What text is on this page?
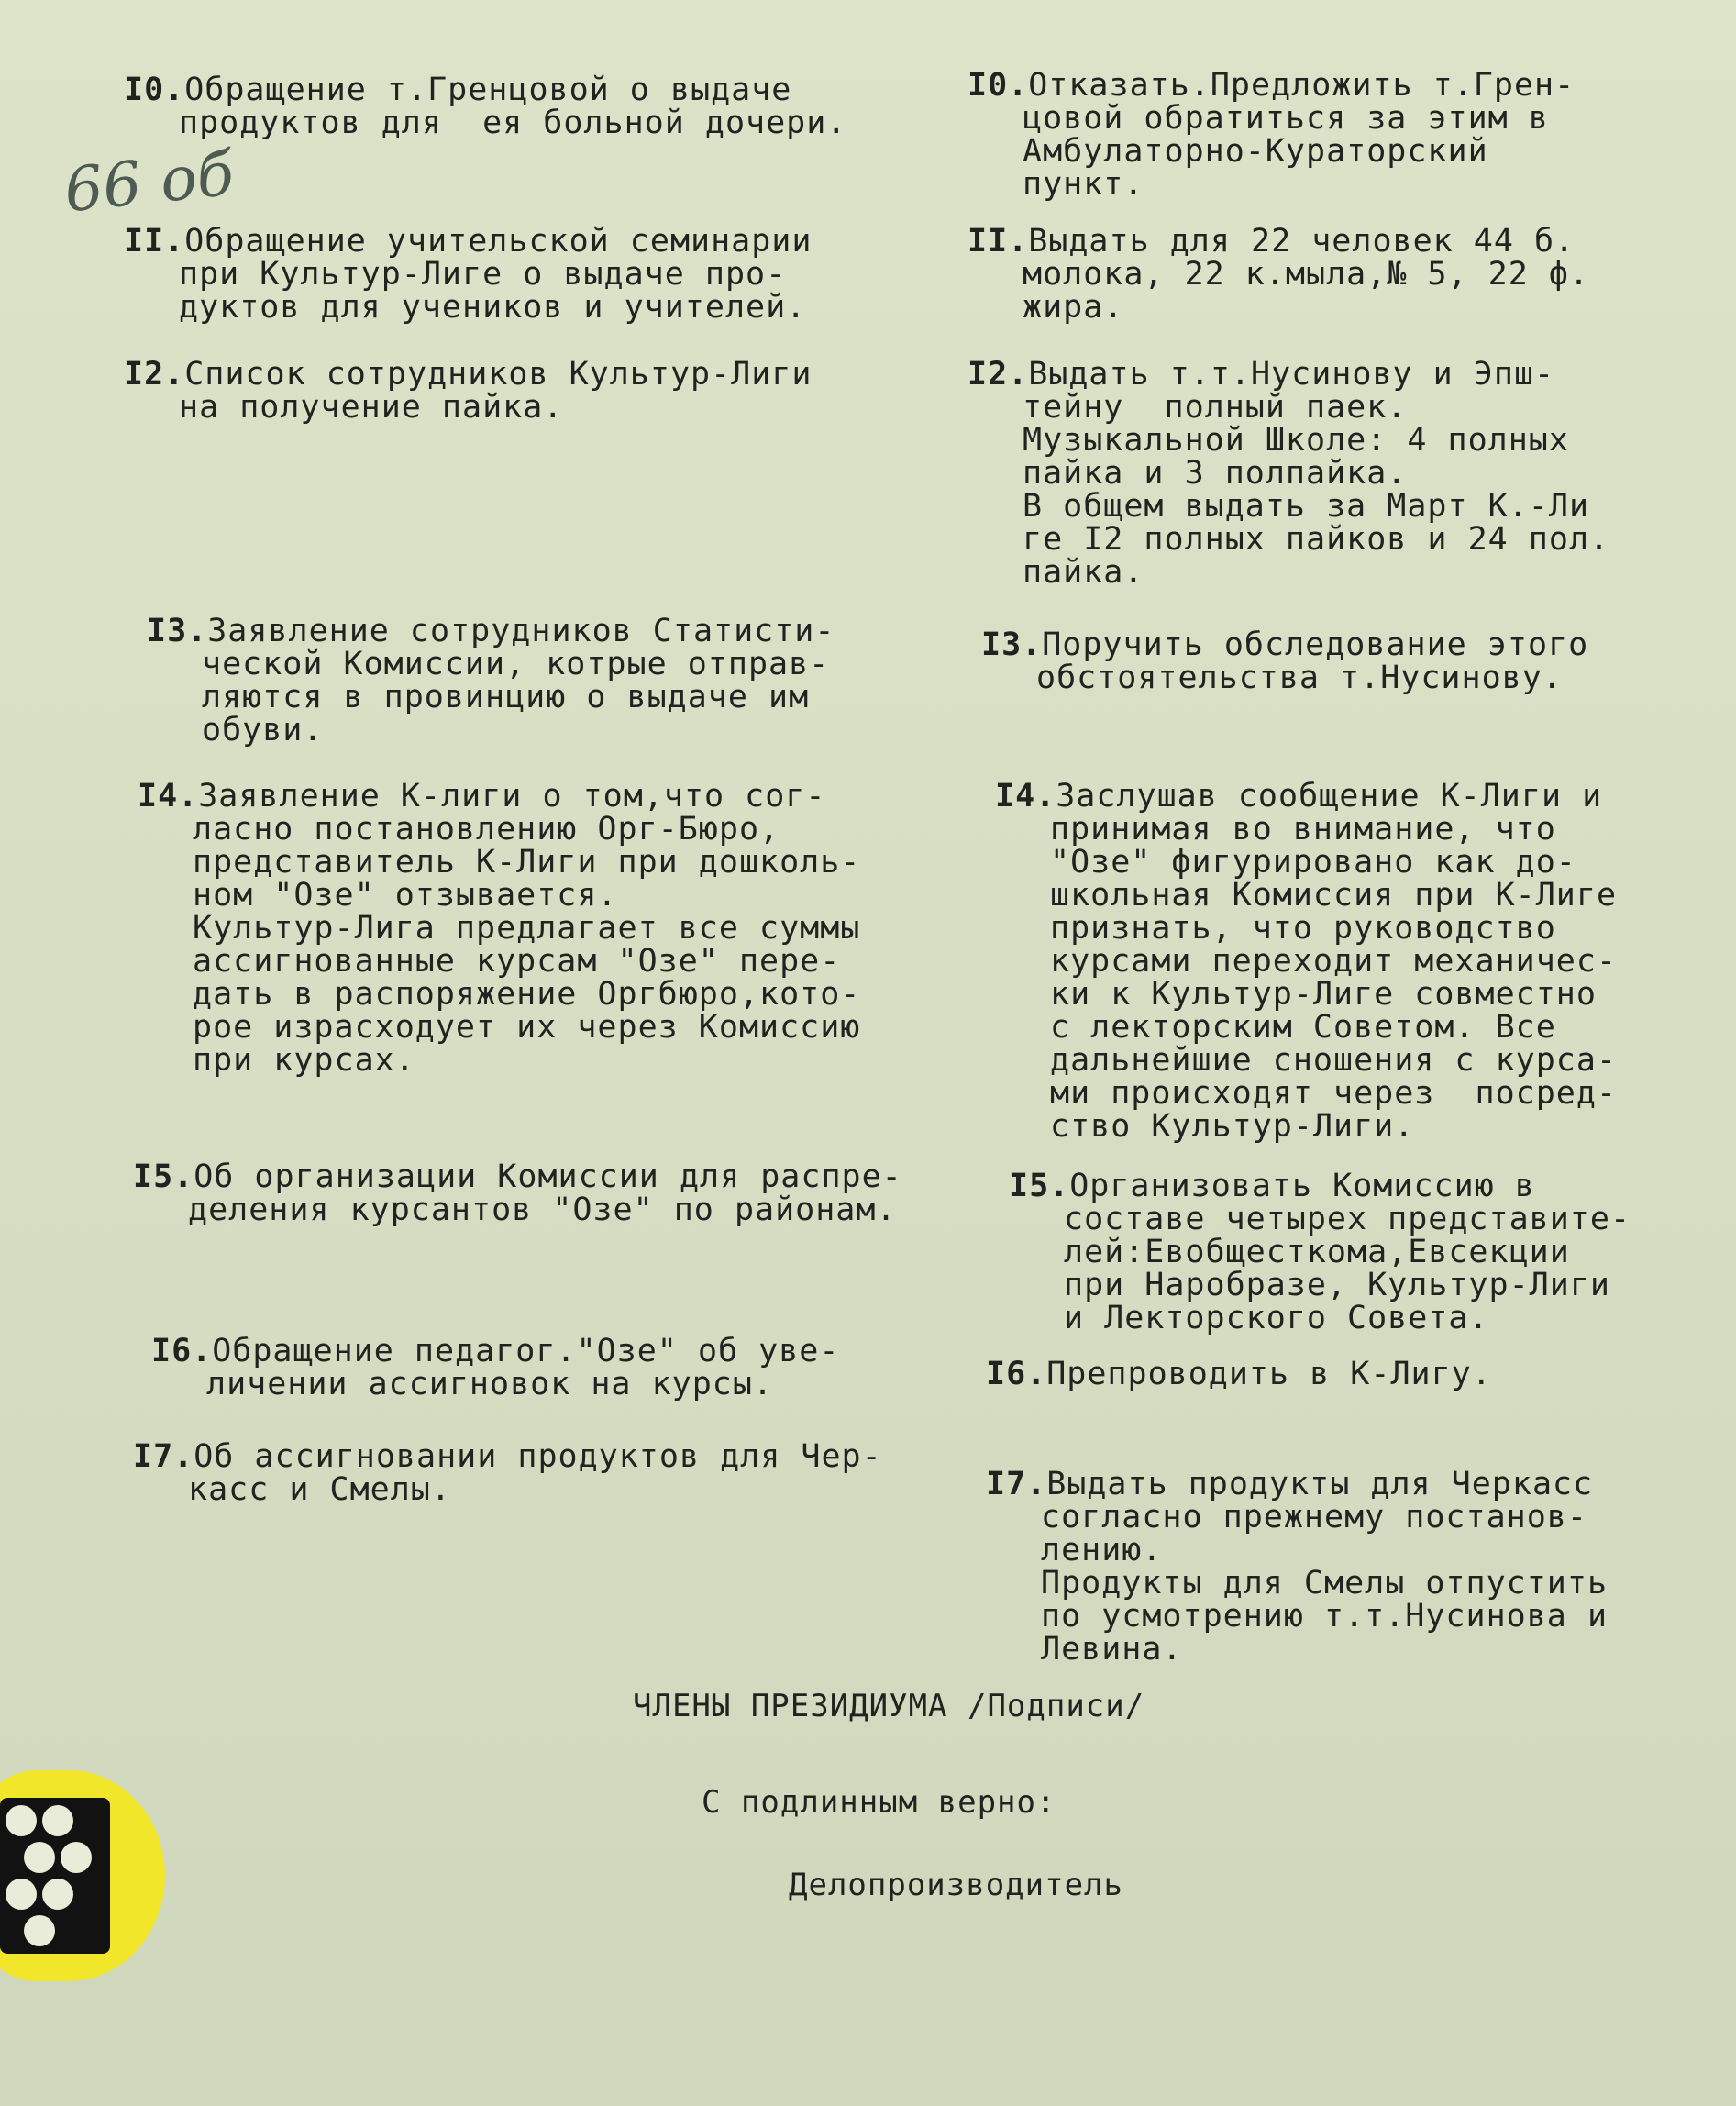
66 об

I0.Обращение т.Гренцовой о выдаче

продуктов для  ея больной дочери.

I0.Отказать.Предложить т.Грен-

цовой обратиться за этим в

Амбулаторно-Кураторский

пункт.

II.Обращение учительской семинарии

при Культур-Лиге о выдаче про-

дуктов для учеников и учителей.

II.Выдать для 22 человек 44 б.

молока, 22 к.мыла,№ 5, 22 ф.

жира.

I2.Список сотрудников Культур-Лиги

на получение пайка.

I2.Выдать т.т.Нусинову и Эпш-

тейну  полный паек.

Музыкальной Школе: 4 полных

пайка и 3 полпайка.

В общем выдать за Март К.-Ли

ге I2 полных пайков и 24 пол.

пайка.

I3.Заявление сотрудников Статисти-

ческой Комиссии, котрые отправ-

ляются в провинцию о выдаче им

обуви.

I3.Поручить обследование этого

обстоятельства т.Нусинову.

I4.Заявление К-лиги о том,что сог-

ласно постановлению Орг-Бюро,

представитель К-Лиги при дошколь-

ном "Озе" отзывается.

Культур-Лига предлагает все суммы

ассигнованные курсам "Озе" пере-

дать в распоряжение Оргбюро,кото-

рое израсходует их через Комиссию

при курсах.

I4.Заслушав сообщение К-Лиги и

принимая во внимание, что

"Озе" фигурировано как до-

школьная Комиссия при К-Лиге

признать, что руководство

курсами переходит механичес-

ки к Культур-Лиге совместно

с лекторским Советом. Все

дальнейшие сношения с курса-

ми происходят через  посред-

ство Культур-Лиги.

I5.Об организации Комиссии для распре-

деления курсантов "Озе" по районам.

I5.Организовать Комиссию в

составе четырех представите-

лей:Евобщесткома,Евсекции

при Наробразе, Культур-Лиги

и Лекторского Совета.

I6.Обращение педагог."Озе" об уве-

личении ассигновок на курсы.	I6.Препроводить в К-Лигу.

I7.Об ассигновании продуктов для Чер-

касс и Смелы.	I7.Выдать продукты для Черкасс

согласно прежнему постанов-

лению.

Продукты для Смелы отпустить

по усмотрению т.т.Нусинова и

Левина.

ЧЛЕНЫ ПРЕЗИДИУМА /Подписи/
С подлинным верно:
Делопроизводитель
